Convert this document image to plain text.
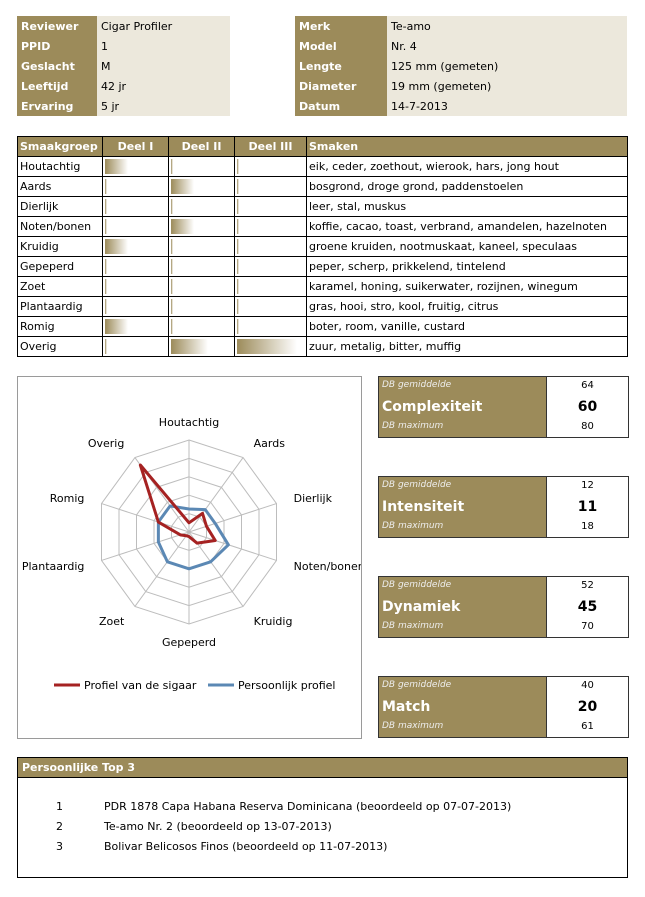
Reviewer	Cigar Profiler
PPID	1
Geslacht	M
Leeftijd	42 jr
Ervaring	5 jr
Merk	Te-amo
Model	Nr. 4
Lengte	125 mm (gemeten)
Diameter	19 mm (gemeten)
Datum	14-7-2013
Smaakgroep	Deel I	Deel II	Deel III	Smaken
Houtachtig				eik, ceder, zoethout, wierook, hars, jong hout
Aards				bosgrond, droge grond, paddenstoelen
Dierlijk				leer, stal, muskus
Noten/bonen				koffie, cacao, toast, verbrand, amandelen, hazelnoten
Kruidig				groene kruiden, nootmuskaat, kaneel, speculaas
Gepeperd				peper, scherp, prikkelend, tintelend
Zoet				karamel, honing, suikerwater, rozijnen, winegum
Plantaardig				gras, hooi, stro, kool, fruitig, citrus
Romig				boter, room, vanille, custard
Overig				zuur, metalig, bitter, muffig
Houtachtig
Aards
Dierlijk
Noten/bonen
Kruidig
Gepeperd
Zoet
Plantaardig
Romig
Overig
Profiel van de sigaar	Persoonlijk profiel
DB gemiddelde
Complexiteit
DB maximum
64
60
80
DB gemiddelde
Intensiteit
DB maximum
12
11
18
DB gemiddelde
Dynamiek
DB maximum
52
45
70
DB gemiddelde
Match
DB maximum
40
20
61
Persoonlijke Top 3
1	PDR 1878 Capa Habana Reserva Dominicana (beoordeeld op 07-07-2013)
2	Te-amo Nr. 2 (beoordeeld op 13-07-2013)
3	Bolivar Belicosos Finos (beoordeeld op 11-07-2013)
